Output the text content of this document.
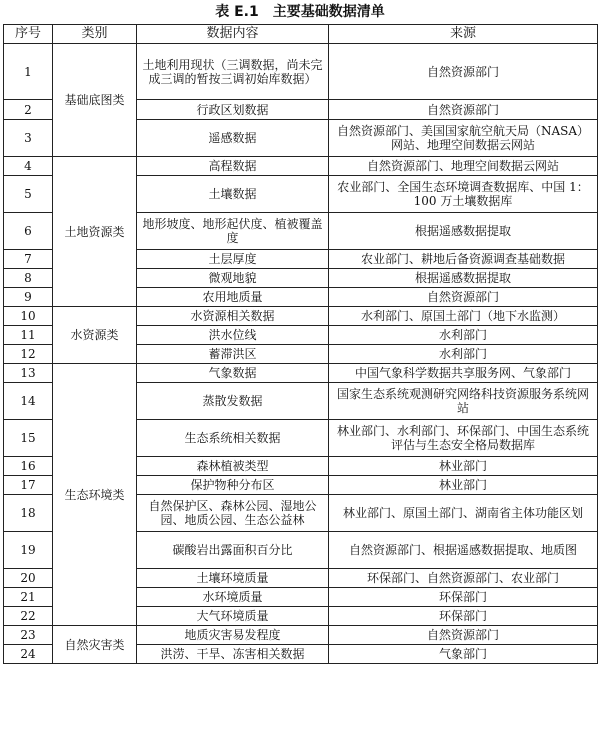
表 E.1　主要基础数据清单
序号	类别	数据内容	来源
1	基础底图类	土地利用现状（三调数据，尚未完成三调的暂按三调初始库数据）	自然资源部门
2		行政区划数据	自然资源部门
3		遥感数据	自然资源部门、美国国家航空航天局（NASA）网站、地理空间数据云网站
4	土地资源类	高程数据	自然资源部门、地理空间数据云网站
5		土壤数据	农业部门、全国生态环境调查数据库、中国 1：100 万土壤数据库
6		地形坡度、地形起伏度、植被覆盖度	根据遥感数据提取
7		土层厚度	农业部门、耕地后备资源调查基础数据
8		微观地貌	根据遥感数据提取
9		农用地质量	自然资源部门
10	水资源类	水资源相关数据	水利部门、原国土部门（地下水监测）
11		洪水位线	水利部门
12		蓄滞洪区	水利部门
13	生态环境类	气象数据	中国气象科学数据共享服务网、气象部门
14		蒸散发数据	国家生态系统观测研究网络科技资源服务系统网站
15		生态系统相关数据	林业部门、水利部门、环保部门、中国生态系统评估与生态安全格局数据库
16		森林植被类型	林业部门
17		保护物种分布区	林业部门
18		自然保护区、森林公园、湿地公园、地质公园、生态公益林	林业部门、原国土部门、湖南省主体功能区划
19		碳酸岩出露面积百分比	自然资源部门、根据遥感数据提取、地质图
20		土壤环境质量	环保部门、自然资源部门、农业部门
21		水环境质量	环保部门
22		大气环境质量	环保部门
23	自然灾害类	地质灾害易发程度	自然资源部门
24		洪涝、干旱、冻害相关数据	气象部门
